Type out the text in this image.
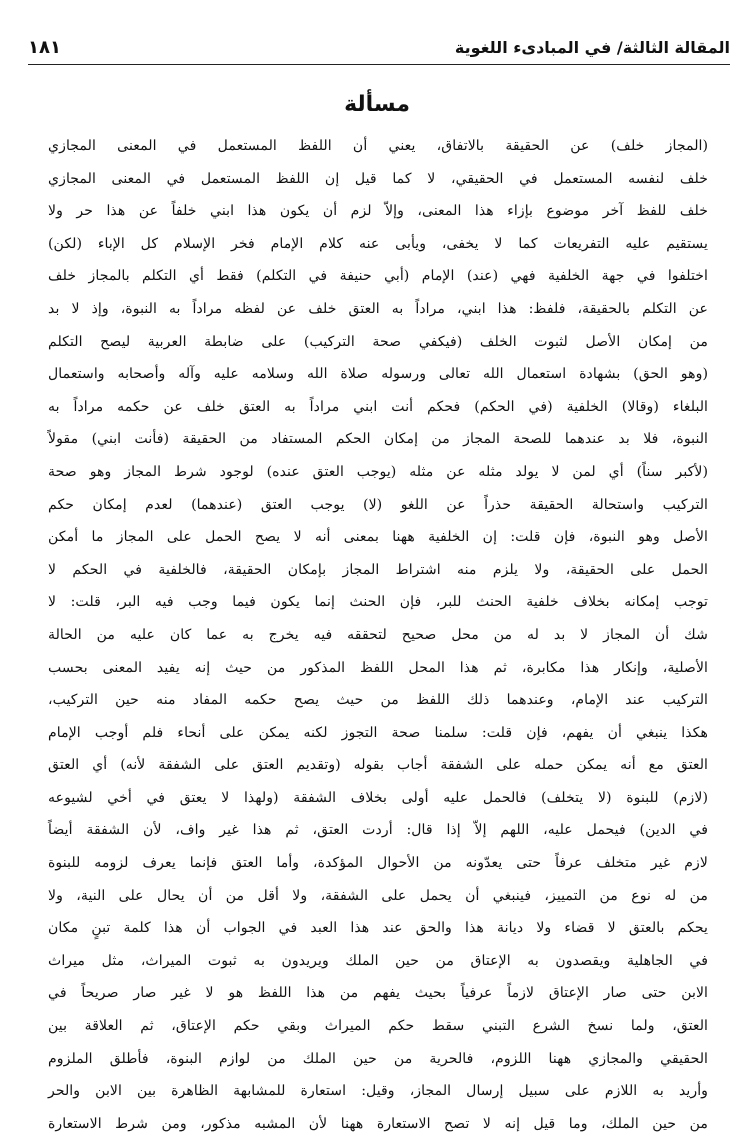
المقالة الثالثة/ في المبادىء اللغوية
١٨١
مسألة
(المجاز خلف) عن الحقيقة بالاتفاق، يعني أن اللفظ المستعمل في المعنى المجازي
خلف لنفسه المستعمل في الحقيقي، لا كما قيل إن اللفظ المستعمل في المعنى المجازي
خلف للفظ آخر موضوع بإزاء هذا المعنى، وإلاّ لزم أن يكون هذا ابني خلفاً عن هذا حر ولا
يستقيم عليه التفريعات كما لا يخفى، ويأبى عنه كلام الإمام فخر الإسلام كل الإباء (لكن)
اختلفوا في جهة الخلفية فهي (عند) الإمام (أبي حنيفة في التكلم) فقط أي التكلم بالمجاز خلف
عن التكلم بالحقيقة، فلفظ: هذا ابني، مراداً به العتق خلف عن لفظه مراداً به النبوة، وإذ لا بد
من إمكان الأصل لثبوت الخلف (فيكفي صحة التركيب) على ضابطة العربية ليصح التكلم
(وهو الحق) بشهادة استعمال الله تعالى ورسوله صلاة الله وسلامه عليه وآله وأصحابه واستعمال
البلغاء (وقالا) الخلفية (في الحكم) فحكم أنت ابني مراداً به العتق خلف عن حكمه مراداً به
النبوة، فلا بد عندهما للصحة المجاز من إمكان الحكم المستفاد من الحقيقة (فأنت ابني) مقولاً
(لأكبر سناً) أي لمن لا يولد مثله عن مثله (يوجب العتق عنده) لوجود شرط المجاز وهو صحة
التركيب واستحالة الحقيقة حذراً عن اللغو (لا) يوجب العتق (عندهما) لعدم إمكان حكم
الأصل وهو النبوة، فإن قلت: إن الخلفية ههنا بمعنى أنه لا يصح الحمل على المجاز ما أمكن
الحمل على الحقيقة، ولا يلزم منه اشتراط المجاز بإمكان الحقيقة، فالخلفية في الحكم لا
توجب إمكانه بخلاف خلفية الحنث للبر، فإن الحنث إنما يكون فيما وجب فيه البر، قلت: لا
شك أن المجاز لا بد له من محل صحيح لتحققه فيه يخرج به عما كان عليه من الحالة
الأصلية، وإنكار هذا مكابرة، ثم هذا المحل اللفظ المذكور من حيث إنه يفيد المعنى بحسب
التركيب عند الإمام، وعندهما ذلك اللفظ من حيث يصح حكمه المفاد منه حين التركيب،
هكذا ينبغي أن يفهم، فإن قلت: سلمنا صحة التجوز لكنه يمكن على أنحاء فلم أوجب الإمام
العتق مع أنه يمكن حمله على الشفقة أجاب بقوله (وتقديم العتق على الشفقة لأنه) أي العتق
(لازم) للبنوة (لا يتخلف) فالحمل عليه أولى بخلاف الشفقة (ولهذا لا يعتق في أخي لشيوعه
في الدين) فيحمل عليه، اللهم إلاّ إذا قال: أردت العتق، ثم هذا غير واف، لأن الشفقة أيضاً
لازم غير متخلف عرفاً حتى يعدّونه من الأحوال المؤكدة، وأما العتق فإنما يعرف لزومه للبنوة
من له نوع من التمييز، فينبغي أن يحمل على الشفقة، ولا أقل من أن يحال على النية، ولا
يحكم بالعتق لا قضاء ولا ديانة هذا والحق عند هذا العبد في الجواب أن هذا كلمة تبنٍ مكان
في الجاهلية ويقصدون به الإعتاق من حين الملك ويريدون به ثبوت الميراث، مثل ميراث
الابن حتى صار الإعتاق لازماً عرفياً بحيث يفهم من هذا اللفظ هو لا غير صار صريحاً في
العتق، ولما نسخ الشرع التبني سقط حكم الميراث وبقي حكم الإعتاق، ثم العلاقة بين
الحقيقي والمجازي ههنا اللزوم، فالحرية من حين الملك من لوازم البنوة، فأطلق الملزوم
وأريد به اللازم على سبيل إرسال المجاز، وقيل: استعارة للمشابهة الظاهرة بين الابن والحر
من حين الملك، وما قيل إنه لا تصح الاستعارة ههنا لأن المشبه مذكور، ومن شرط الاستعارة
